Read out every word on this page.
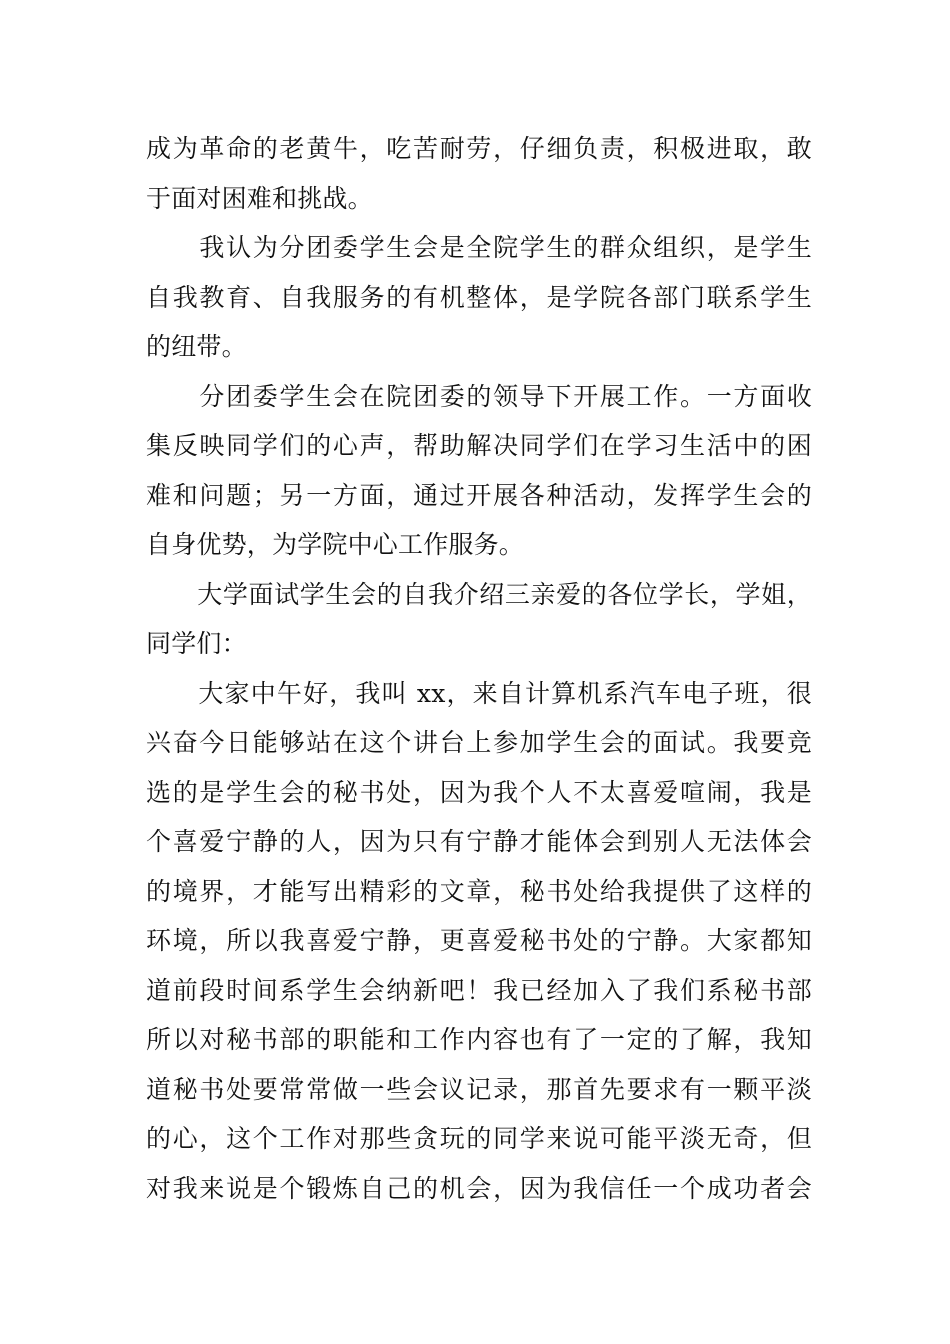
成为革命的老黄牛，吃苦耐劳，仔细负责，积极进取，敢
于面对困难和挑战。
　　我认为分团委学生会是全院学生的群众组织，是学生
自我教育、自我服务的有机整体，是学院各部门联系学生
的纽带。
　　分团委学生会在院团委的领导下开展工作。一方面收
集反映同学们的心声，帮助解决同学们在学习生活中的困
难和问题；另一方面，通过开展各种活动，发挥学生会的
自身优势，为学院中心工作服务。
　　大学面试学生会的自我介绍三亲爱的各位学长，学姐，
同学们：
　　大家中午好，我叫 xx，来自计算机系汽车电子班，很
兴奋今日能够站在这个讲台上参加学生会的面试。我要竞
选的是学生会的秘书处，因为我个人不太喜爱喧闹，我是
个喜爱宁静的人，因为只有宁静才能体会到别人无法体会
的境界，才能写出精彩的文章，秘书处给我提供了这样的
环境，所以我喜爱宁静，更喜爱秘书处的宁静。大家都知
道前段时间系学生会纳新吧！我已经加入了我们系秘书部
所以对秘书部的职能和工作内容也有了一定的了解，我知
道秘书处要常常做一些会议记录，那首先要求有一颗平淡
的心，这个工作对那些贪玩的同学来说可能平淡无奇，但
对我来说是个锻炼自己的机会，因为我信任一个成功者会
